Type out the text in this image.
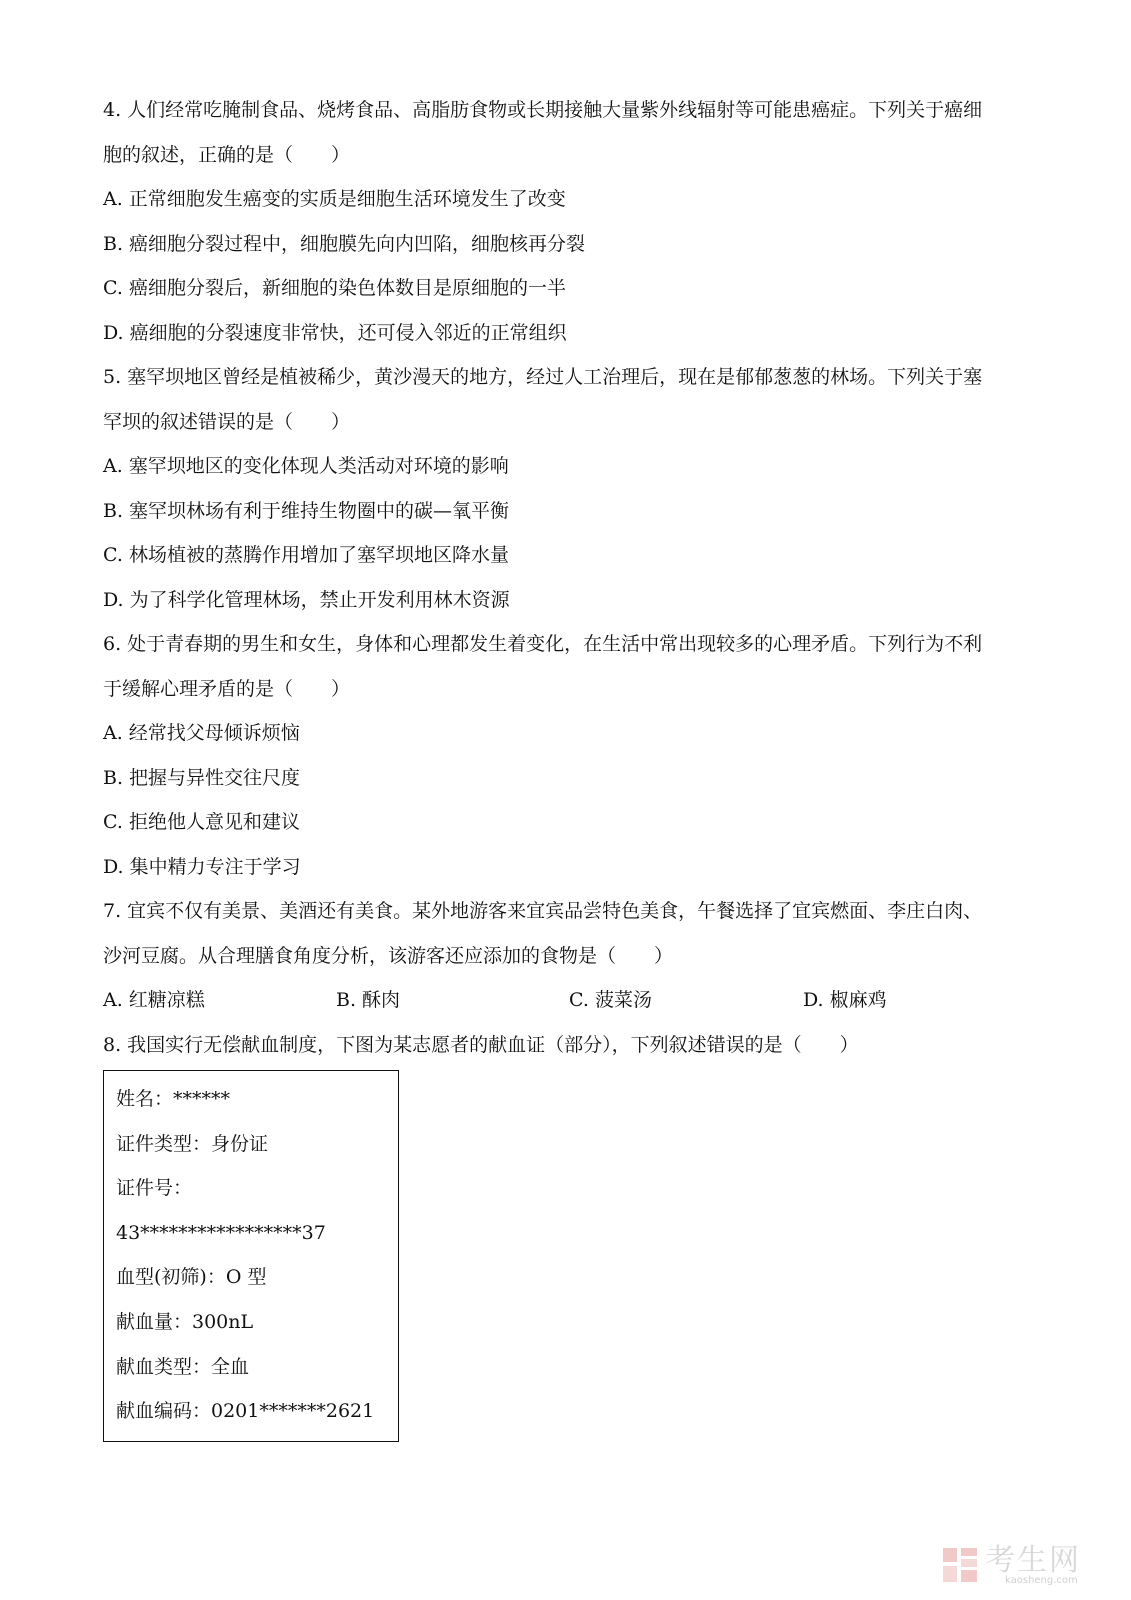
4. 人们经常吃腌制食品、烧烤食品、高脂肪食物或长期接触大量紫外线辐射等可能患癌症。下列关于癌细
胞的叙述，正确的是（　　）
A. 正常细胞发生癌变的实质是细胞生活环境发生了改变
B. 癌细胞分裂过程中，细胞膜先向内凹陷，细胞核再分裂
C. 癌细胞分裂后，新细胞的染色体数目是原细胞的一半
D. 癌细胞的分裂速度非常快，还可侵入邻近的正常组织
5. 塞罕坝地区曾经是植被稀少，黄沙漫天的地方，经过人工治理后，现在是郁郁葱葱的林场。下列关于塞
罕坝的叙述错误的是（　　）
A. 塞罕坝地区的变化体现人类活动对环境的影响
B. 塞罕坝林场有利于维持生物圈中的碳—氧平衡
C. 林场植被的蒸腾作用增加了塞罕坝地区降水量
D. 为了科学化管理林场，禁止开发利用林木资源
6. 处于青春期的男生和女生，身体和心理都发生着变化，在生活中常出现较多的心理矛盾。下列行为不利
于缓解心理矛盾的是（　　）
A. 经常找父母倾诉烦恼
B. 把握与异性交往尺度
C. 拒绝他人意见和建议
D. 集中精力专注于学习
7. 宜宾不仅有美景、美酒还有美食。某外地游客来宜宾品尝特色美食，午餐选择了宜宾燃面、李庄白肉、
沙河豆腐。从合理膳食角度分析，该游客还应添加的食物是（　　）
A. 红糖凉糕	B. 酥肉	C. 菠菜汤	D. 椒麻鸡
8. 我国实行无偿献血制度，下图为某志愿者的献血证（部分），下列叙述错误的是（　　）
姓名：******
证件类型：身份证
证件号：
43*****************37
血型(初筛)：O 型
献血量：300nL
献血类型：全血
献血编码：0201*******2621
考生网
kaosheng.com
